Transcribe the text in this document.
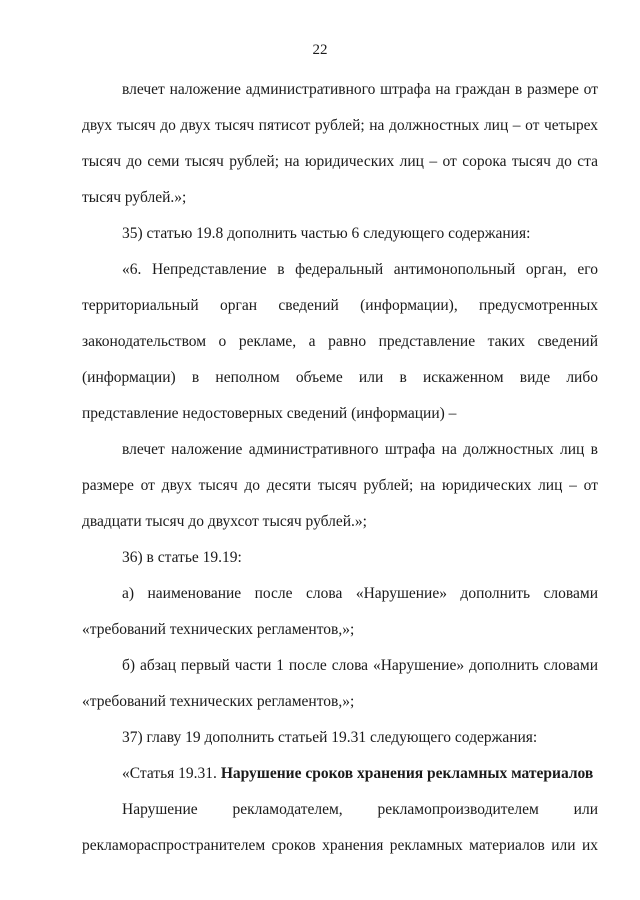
22

влечет наложение административного штрафа на граждан в размере от двух тысяч до двух тысяч пятисот рублей; на должностных лиц – от четырех тысяч до семи тысяч рублей; на юридических лиц – от сорока тысяч до ста тысяч рублей.»;

35) статью 19.8 дополнить частью 6 следующего содержания:

«6. Непредставление в федеральный антимонопольный орган, его территориальный орган сведений (информации), предусмотренных законодательством о рекламе, а равно представление таких сведений (информации) в неполном объеме или в искаженном виде либо представление недостоверных сведений (информации) –

влечет наложение административного штрафа на должностных лиц в размере от двух тысяч до десяти тысяч рублей; на юридических лиц – от двадцати тысяч до двухсот тысяч рублей.»;

36) в статье 19.19:

а) наименование после слова «Нарушение» дополнить словами «требований технических регламентов,»;

б) абзац первый части 1 после слова «Нарушение» дополнить словами «требований технических регламентов,»;

37) главу 19 дополнить статьей 19.31 следующего содержания:

«Статья 19.31. Нарушение сроков хранения рекламных материалов

Нарушение рекламодателем, рекламопроизводителем или рекламораспространителем сроков хранения рекламных материалов или их
